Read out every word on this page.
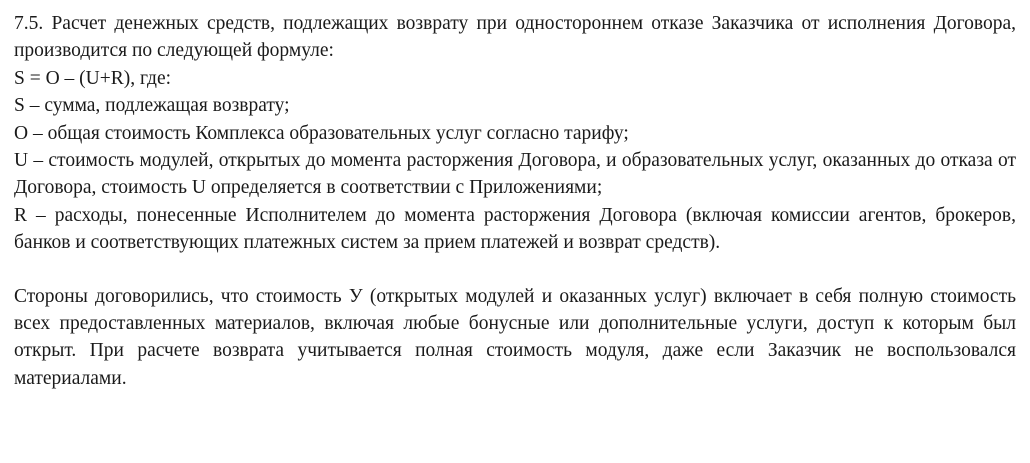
7.5. Расчет денежных средств, подлежащих возврату при одностороннем отказе Заказчика от исполнения Договора, производится по следующей формуле:

S = O – (U+R), где:

S – сумма, подлежащая возврату;

O – общая стоимость Комплекса образовательных услуг согласно тарифу;

U – стоимость модулей, открытых до момента расторжения Договора, и образовательных услуг, оказанных до отказа от Договора, стоимость U определяется в соответствии с Приложениями;

R – расходы, понесенные Исполнителем до момента расторжения Договора (включая комиссии агентов, брокеров, банков и соответствующих платежных систем за прием платежей и возврат средств).

Стороны договорились, что стоимость У (открытых модулей и оказанных услуг) включает в себя полную стоимость всех предоставленных материалов, включая любые бонусные или дополнительные услуги, доступ к которым был открыт. При расчете возврата учитывается полная стоимость модуля, даже если Заказчик не воспользовался материалами.
